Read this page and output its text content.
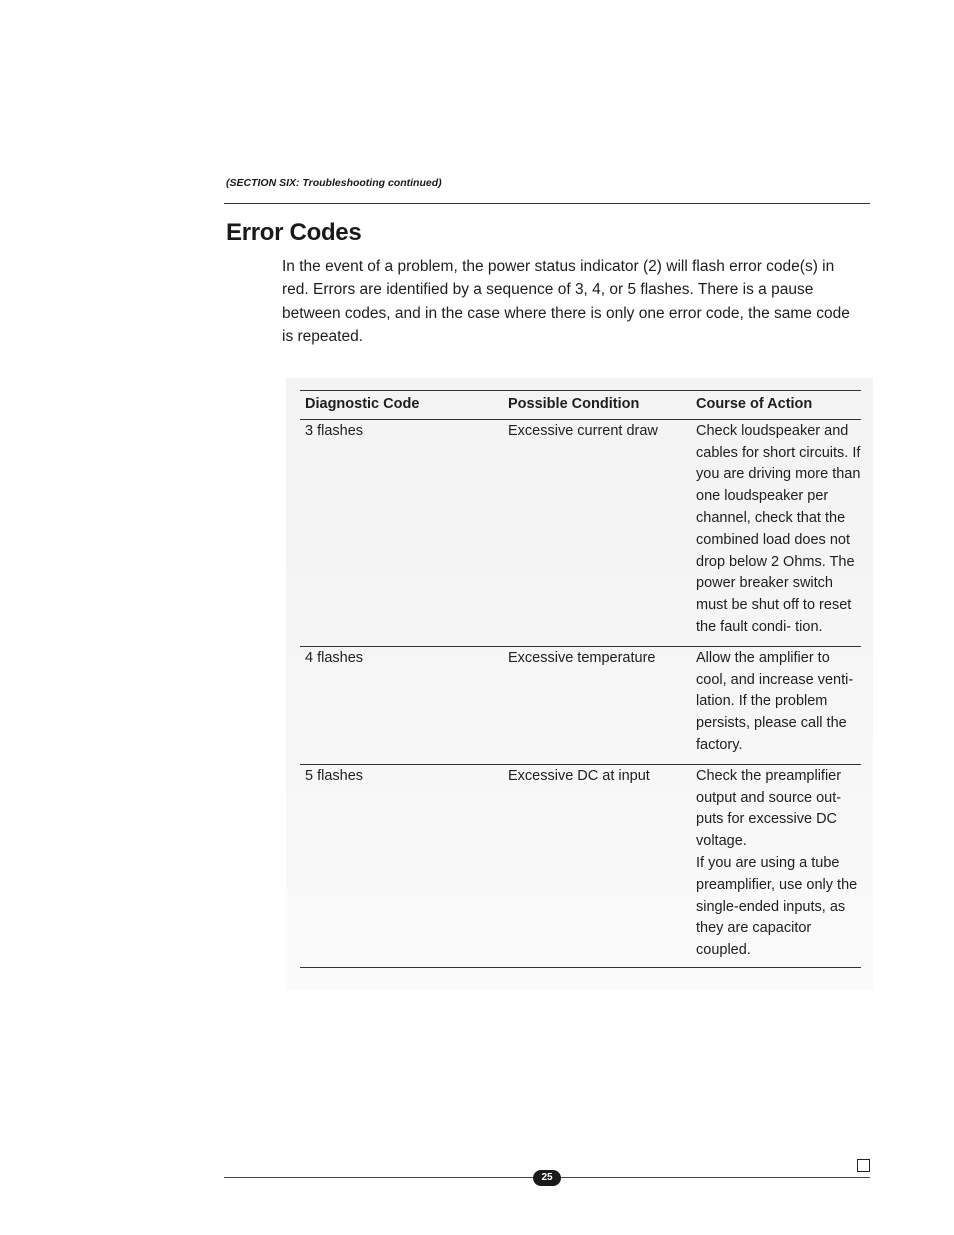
(SECTION SIX: Troubleshooting continued)
Error Codes

In the event of a problem, the power status indicator (2) will flash error code(s) in red. Errors are identified by a sequence of 3, 4, or 5 flashes. There is a pause between codes, and in the case where there is only one error code, the same code is repeated.

Diagnostic Code	Possible Condition	Course of Action
3 flashes	Excessive current draw	Check loudspeaker and cables for short circuits. If you are driving more than one loudspeaker per channel, check that the combined load does not drop below 2 Ohms. The power breaker switch must be shut off to reset the fault condi- tion.

4 flashes	Excessive temperature	Allow the amplifier to cool, and increase venti- lation. If the problem persists, please call the factory.

5 flashes	Excessive DC at input	Check the preamplifier output and source out- puts for excessive DC voltage.
If you are using a tube preamplifier, use only the single-ended inputs, as they are capacitor coupled.
25
